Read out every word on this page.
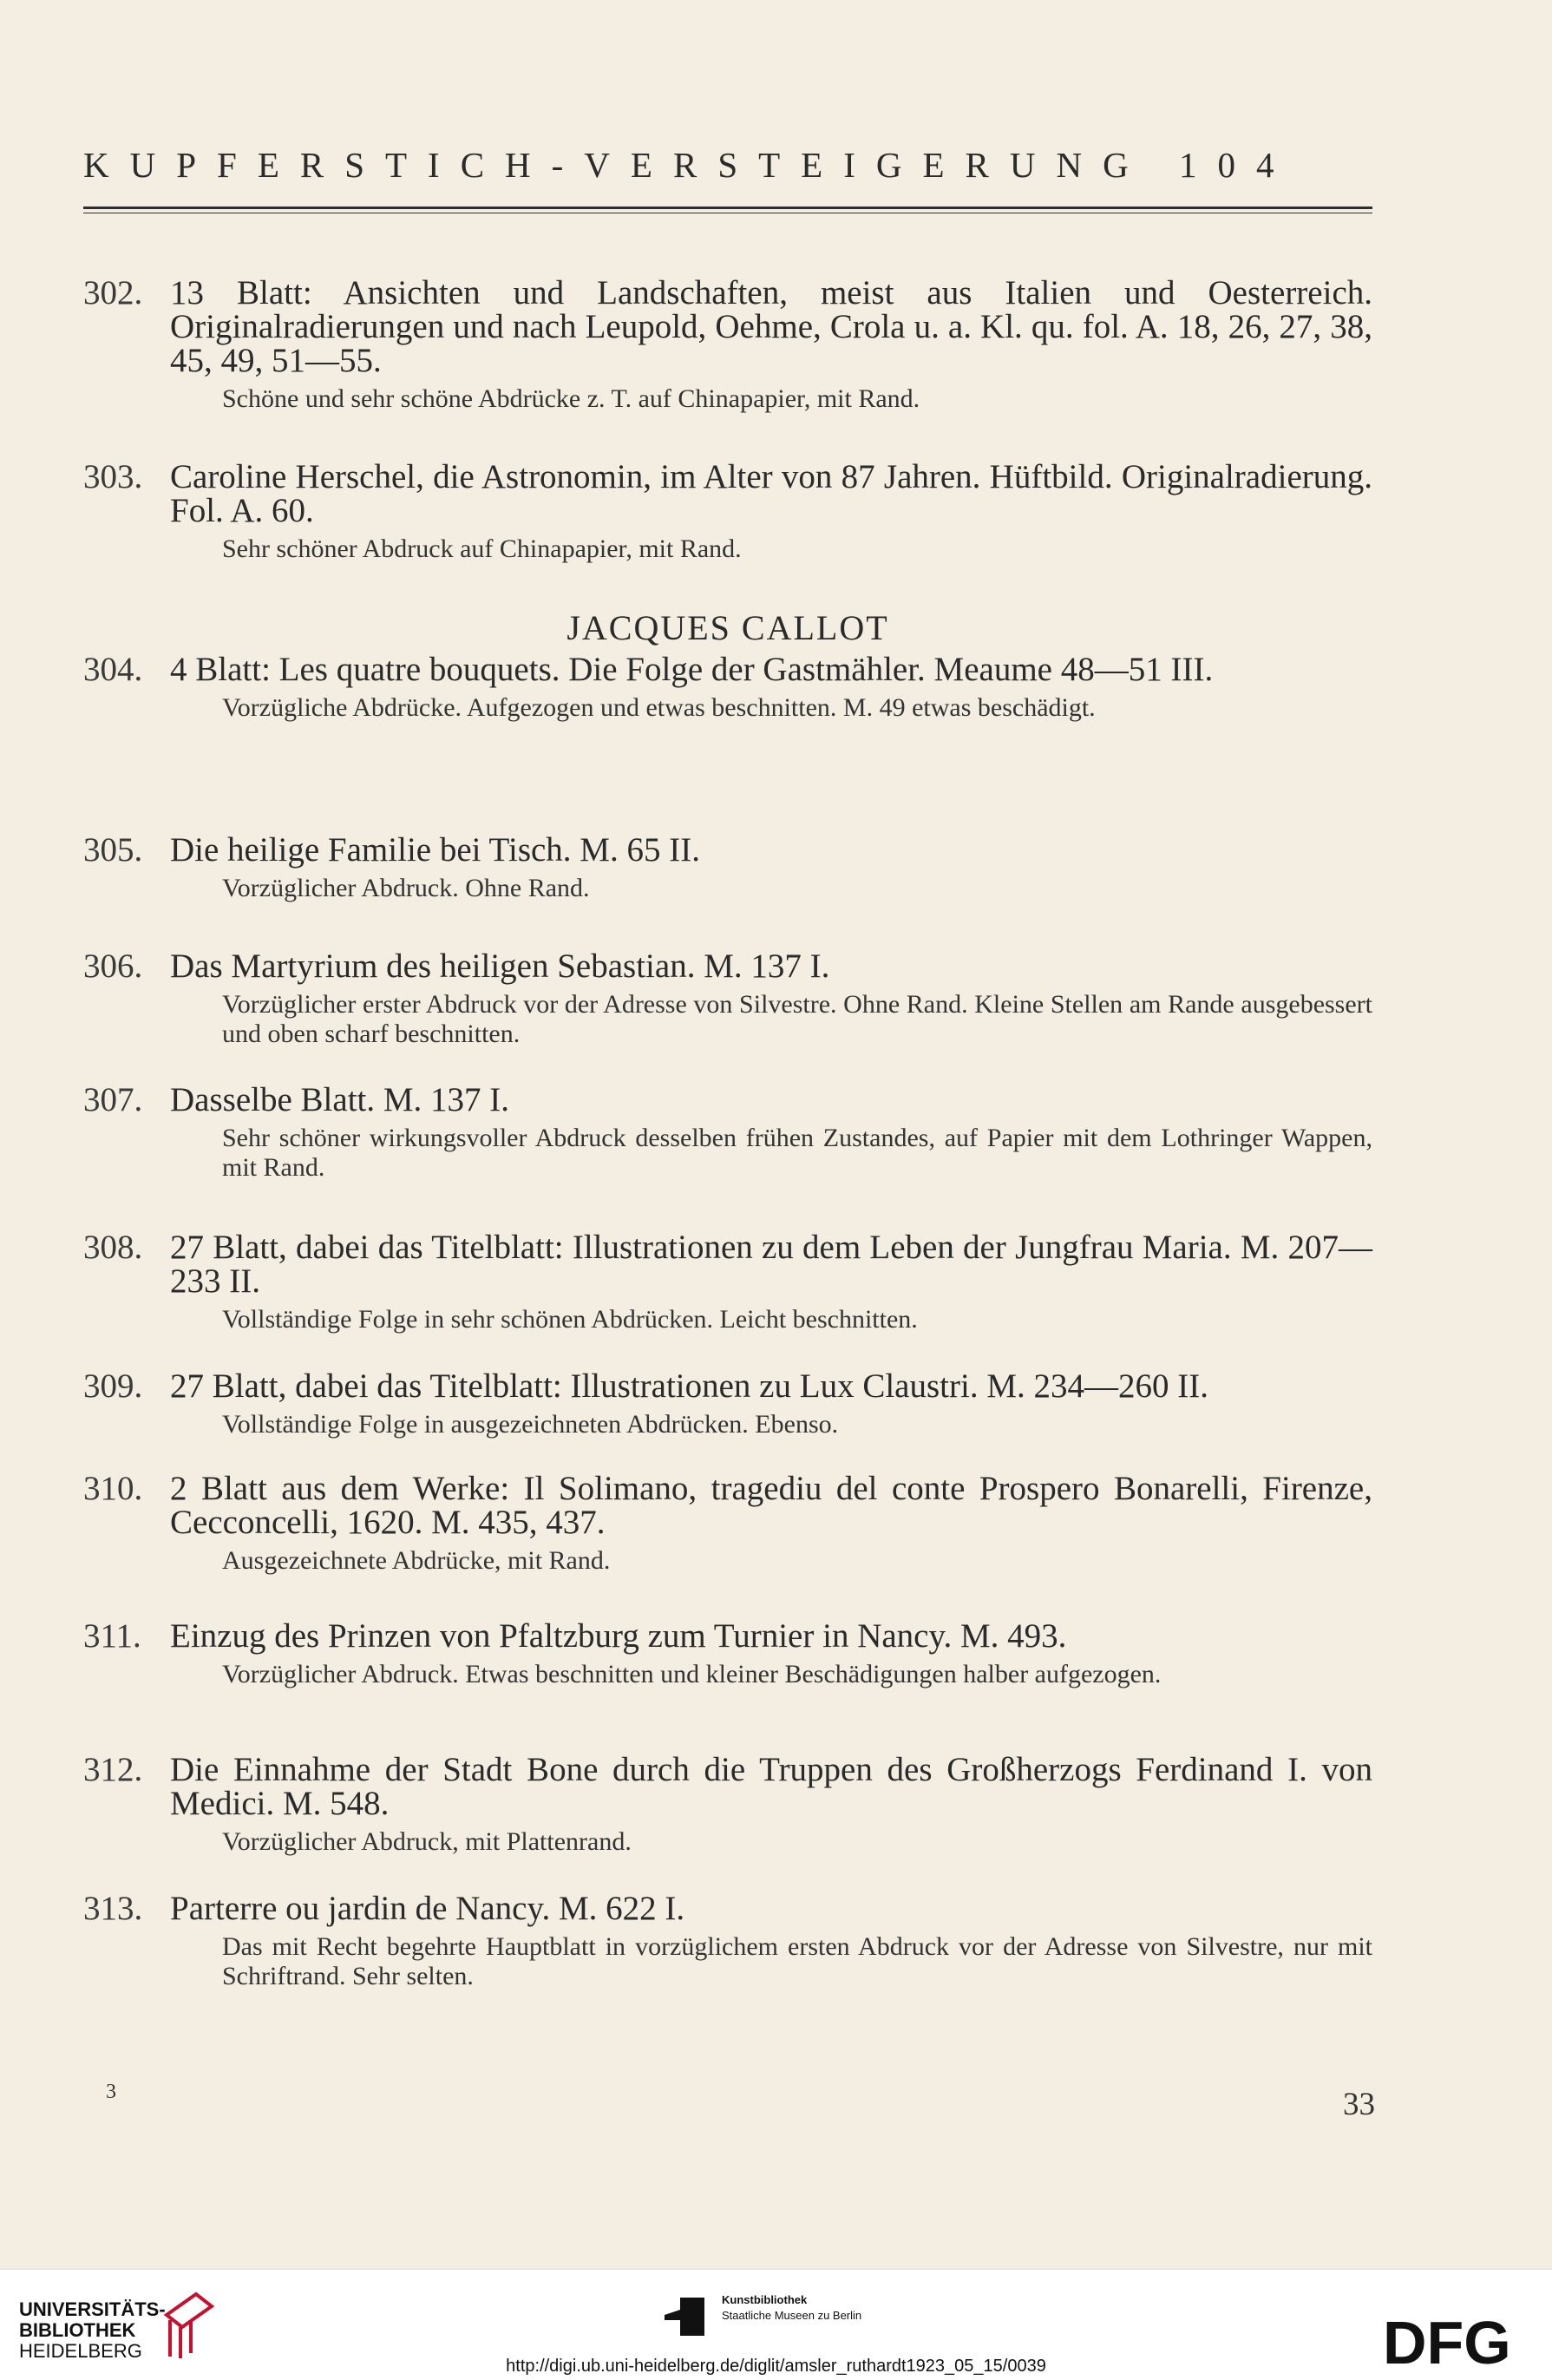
KUPFERSTICH-VERSTEIGERUNG 104
302. 13 Blatt: Ansichten und Landschaften, meist aus Italien und Oesterreich. Originalradierungen und nach Leupold, Oehme, Crola u. a. Kl. qu. fol. A. 18, 26, 27, 38, 45, 49, 51—55.
Schöne und sehr schöne Abdrücke z. T. auf Chinapapier, mit Rand.
303. Caroline Herschel, die Astronomin, im Alter von 87 Jahren. Hüftbild. Originalradierung. Fol. A. 60.
Sehr schöner Abdruck auf Chinapapier, mit Rand.
JACQUES CALLOT
304. 4 Blatt: Les quatre bouquets. Die Folge der Gastmähler. Meaume 48—51 III.
Vorzügliche Abdrücke. Aufgezogen und etwas beschnitten. M. 49 etwas beschädigt.
305. Die heilige Familie bei Tisch. M. 65 II.
Vorzüglicher Abdruck. Ohne Rand.
306. Das Martyrium des heiligen Sebastian. M. 137 I.
Vorzüglicher erster Abdruck vor der Adresse von Silvestre. Ohne Rand. Kleine Stellen am Rande ausgebessert und oben scharf beschnitten.
307. Dasselbe Blatt. M. 137 I.
Sehr schöner wirkungsvoller Abdruck desselben frühen Zustandes, auf Papier mit dem Lothringer Wappen, mit Rand.
308. 27 Blatt, dabei das Titelblatt: Illustrationen zu dem Leben der Jungfrau Maria. M. 207—233 II.
Vollständige Folge in sehr schönen Abdrücken. Leicht beschnitten.
309. 27 Blatt, dabei das Titelblatt: Illustrationen zu Lux Claustri. M. 234—260 II.
Vollständige Folge in ausgezeichneten Abdrücken. Ebenso.
310. 2 Blatt aus dem Werke: Il Solimano, tragediu del conte Prospero Bonarelli, Firenze, Cecconcelli, 1620. M. 435, 437.
Ausgezeichnete Abdrücke, mit Rand.
311. Einzug des Prinzen von Pfaltzburg zum Turnier in Nancy. M. 493.
Vorzüglicher Abdruck. Etwas beschnitten und kleiner Beschädigungen halber aufgezogen.
312. Die Einnahme der Stadt Bone durch die Truppen des Großherzogs Ferdinand I. von Medici. M. 548.
Vorzüglicher Abdruck, mit Plattenrand.
313. Parterre ou jardin de Nancy. M. 622 I.
Das mit Recht begehrte Hauptblatt in vorzüglichem ersten Abdruck vor der Adresse von Silvestre, nur mit Schriftrand. Sehr selten.
3	33
UNIVERSITÄTS-
BIBLIOTHEK
HEIDELBERG
Kunstbibliothek
Staatliche Museen zu Berlin	DFG
http://digi.ub.uni-heidelberg.de/diglit/amsler_ruthardt1923_05_15/0039
